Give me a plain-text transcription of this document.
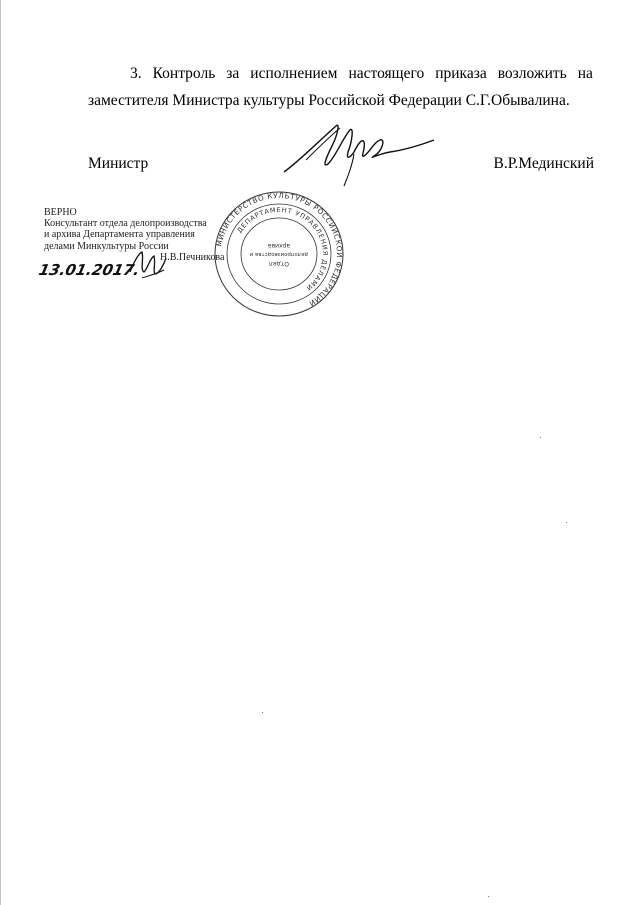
3. Контроль за исполнением настоящего приказа возложить на
заместителя Министра культуры Российской Федерации С.Г.Обывалина.
Министр	В.Р.Мединский
ВЕРНО
Консультант отдела делопроизводства
и архива Департамента управления
делами Минкультуры России
13.01.2017.
Н.В.Печникова
МИНИСТЕРСТВО КУЛЬТУРЫ РОССИЙСКОЙ ФЕДЕРАЦИИ
ДЕПАРТАМЕНТ УПРАВЛЕНИЯ ДЕЛАМИ
Отдел
делопроизводства и
архива
